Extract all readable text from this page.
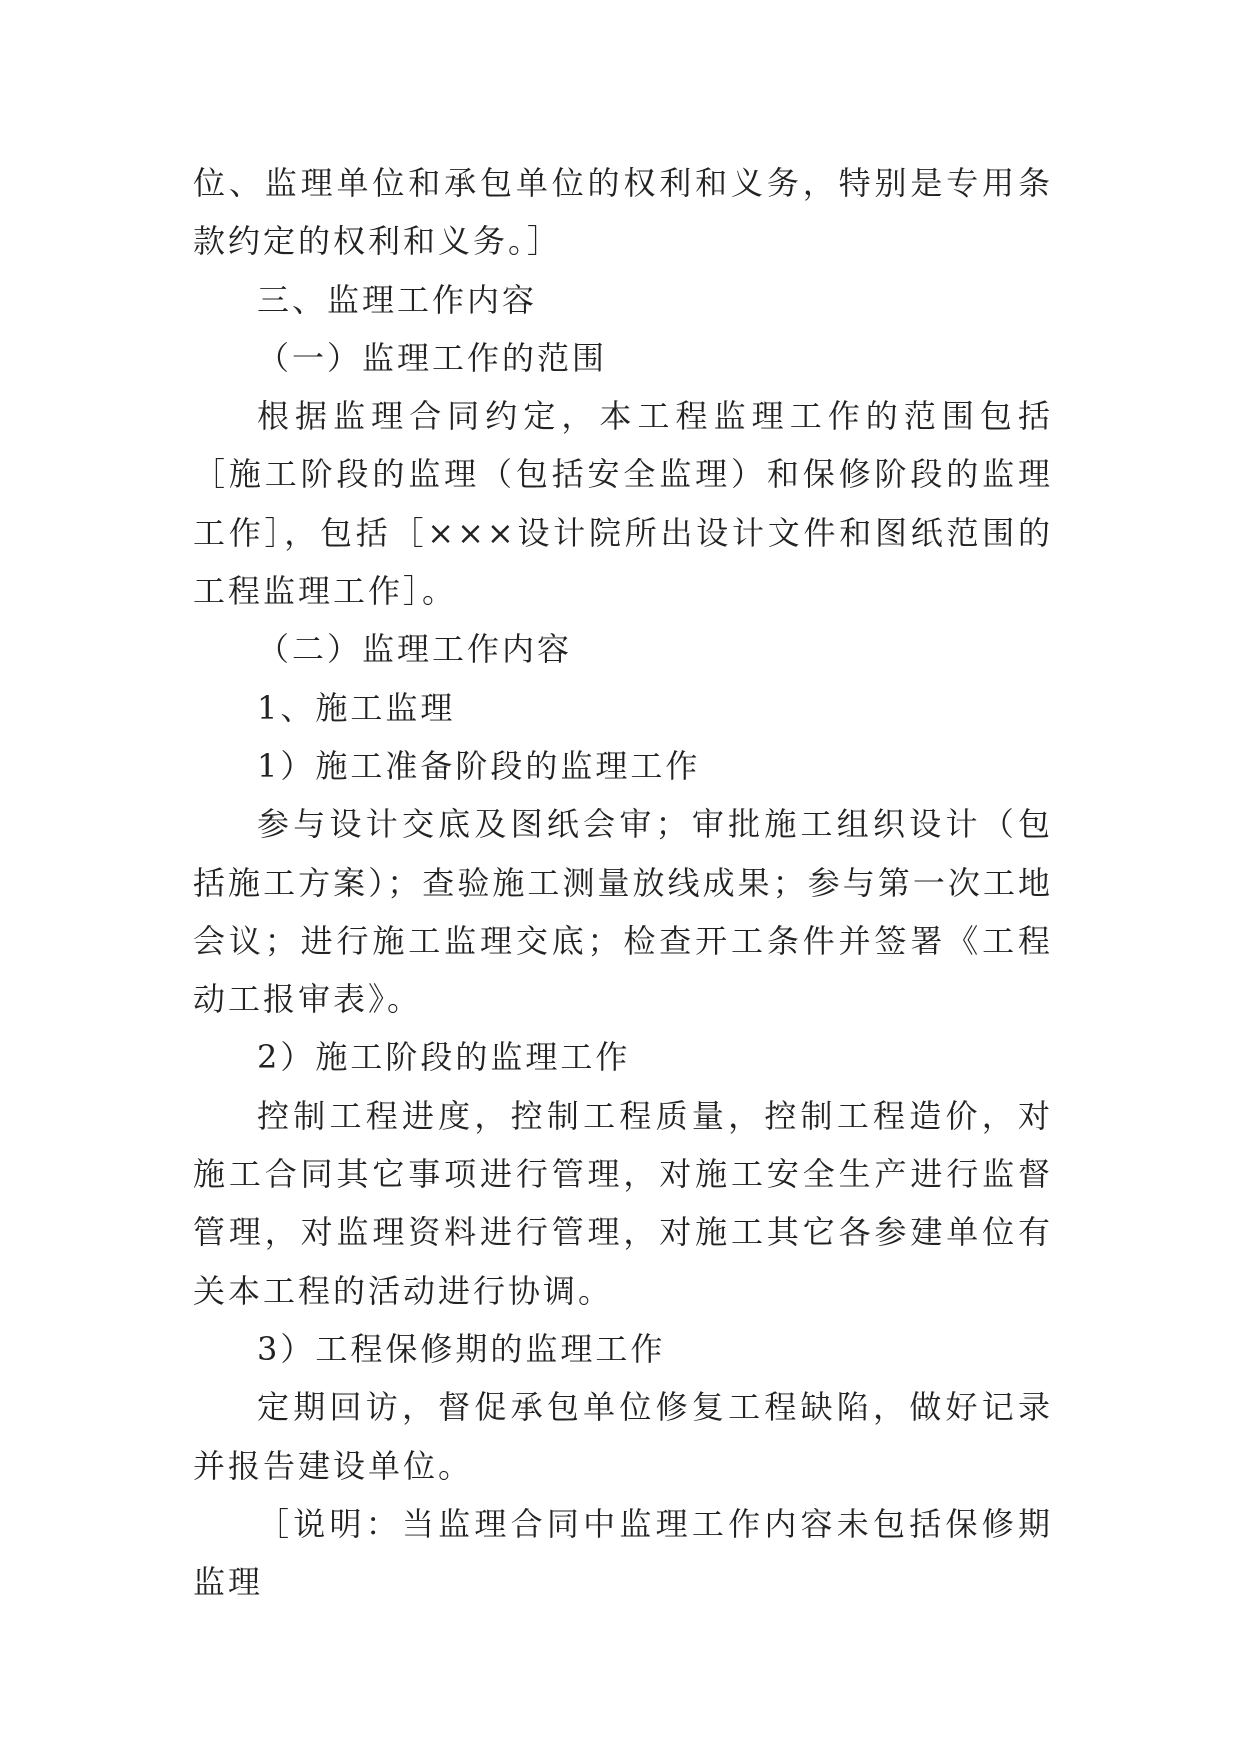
位、监理单位和承包单位的权利和义务，特别是专用条款约定的权利和义务。］

三、监理工作内容

（一）监理工作的范围

根据监理合同约定，本工程监理工作的范围包括［施工阶段的监理（包括安全监理）和保修阶段的监理工作］，包括［×××设计院所出设计文件和图纸范围的工程监理工作］。

（二）监理工作内容

1、施工监理

1）施工准备阶段的监理工作

参与设计交底及图纸会审；审批施工组织设计（包括施工方案）；查验施工测量放线成果；参与第一次工地会议；进行施工监理交底；检查开工条件并签署《工程动工报审表》。

2）施工阶段的监理工作

控制工程进度，控制工程质量，控制工程造价，对施工合同其它事项进行管理，对施工安全生产进行监督管理，对监理资料进行管理，对施工其它各参建单位有关本工程的活动进行协调。

3）工程保修期的监理工作

定期回访，督促承包单位修复工程缺陷，做好记录并报告建设单位。

［说明：当监理合同中监理工作内容未包括保修期监理
